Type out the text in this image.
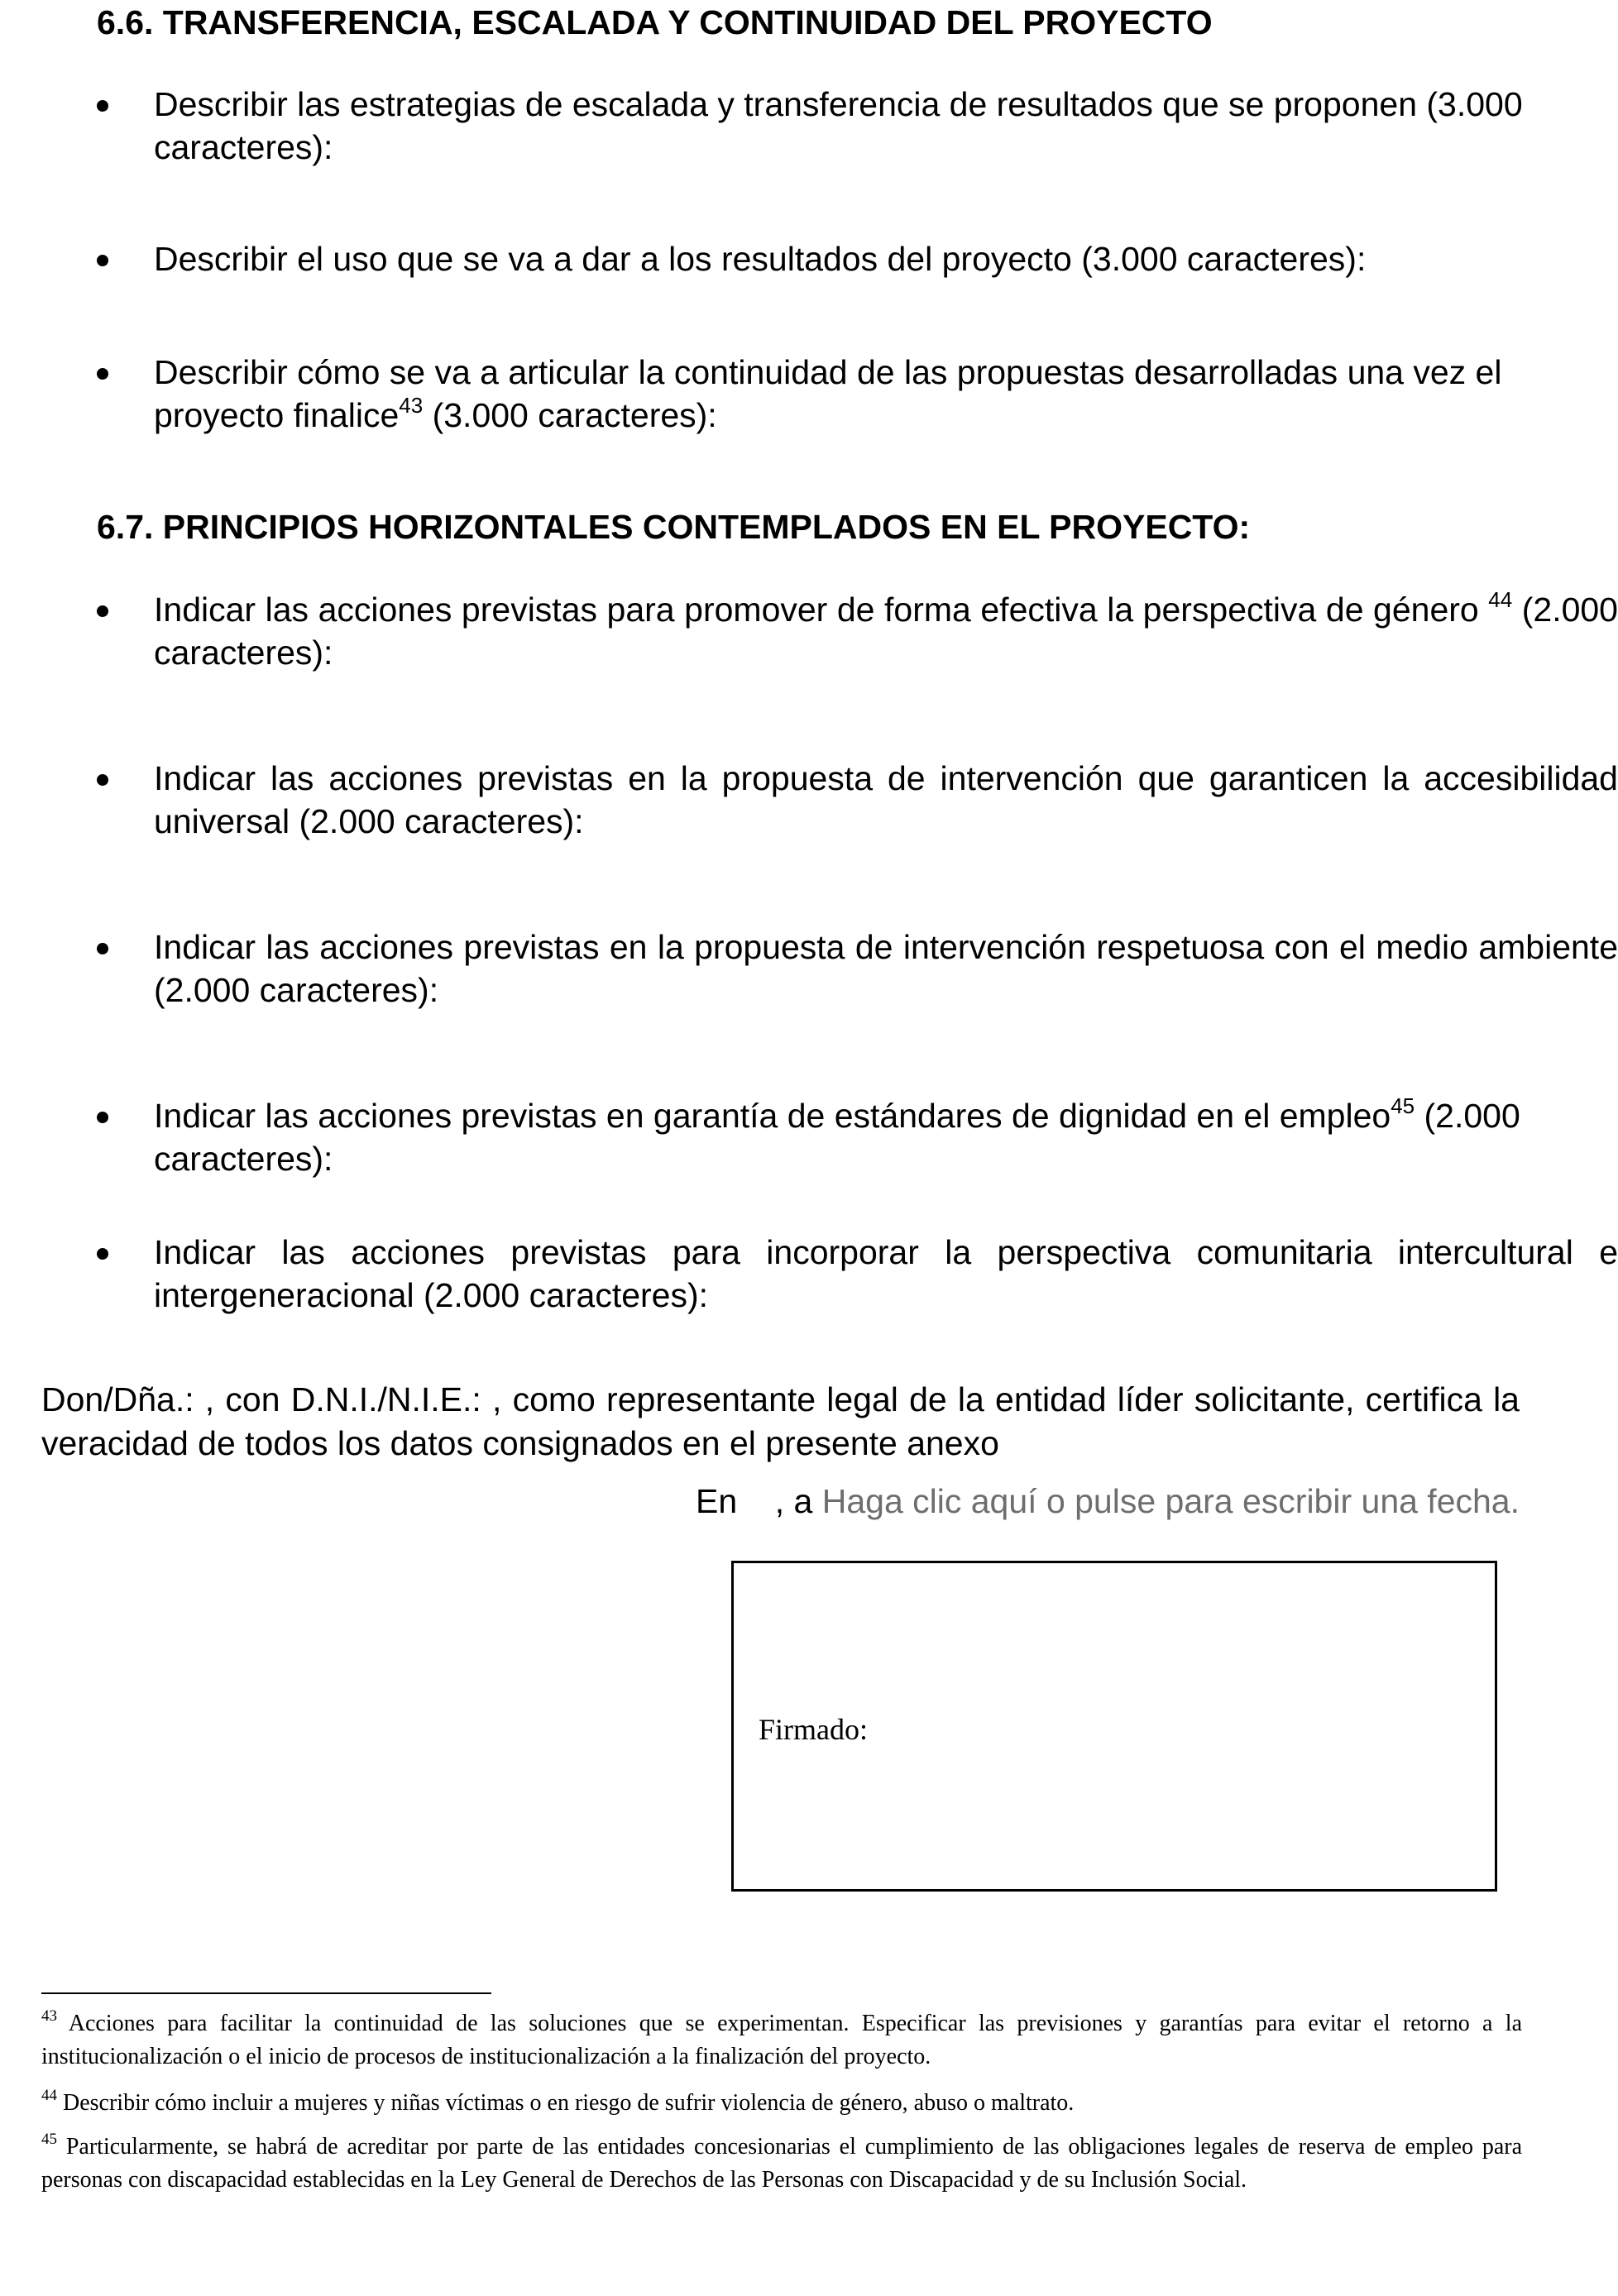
6.6. TRANSFERENCIA, ESCALADA Y CONTINUIDAD DEL PROYECTO

Describir las estrategias de escalada y transferencia de resultados que se proponen (3.000 caracteres):

Describir el uso que se va a dar a los resultados del proyecto (3.000 caracteres):

Describir cómo se va a articular la continuidad de las propuestas desarrolladas una vez el proyecto finalice$^{43}$ (3.000 caracteres):

6.7. PRINCIPIOS HORIZONTALES CONTEMPLADOS EN EL PROYECTO:

Indicar las acciones previstas para promover de forma efectiva la perspectiva de género $^{44}$ (2.000 caracteres):

Indicar las acciones previstas en la propuesta de intervención que garanticen la accesibilidad universal (2.000 caracteres):

Indicar las acciones previstas en la propuesta de intervención respetuosa con el medio ambiente (2.000 caracteres):

Indicar las acciones previstas en garantía de estándares de dignidad en el empleo$^{45}$ (2.000 caracteres):

Indicar las acciones previstas para incorporar la perspectiva comunitaria intercultural e intergeneracional (2.000 caracteres):

Don/Dña.: , con D.N.I./N.I.E.: , como representante legal de la entidad líder solicitante, certifica la veracidad de todos los datos consignados en el presente anexo

En    , a Haga clic aquí o pulse para escribir una fecha.
Firmado:

$^{43}$ Acciones para facilitar la continuidad de las soluciones que se experimentan. Especificar las previsiones y garantías para evitar el retorno a la institucionalización o el inicio de procesos de institucionalización a la finalización del proyecto.

$^{44}$ Describir cómo incluir a mujeres y niñas víctimas o en riesgo de sufrir violencia de género, abuso o maltrato.

$^{45}$ Particularmente, se habrá de acreditar por parte de las entidades concesionarias el cumplimiento de las obligaciones legales de reserva de empleo para personas con discapacidad establecidas en la Ley General de Derechos de las Personas con Discapacidad y de su Inclusión Social.
